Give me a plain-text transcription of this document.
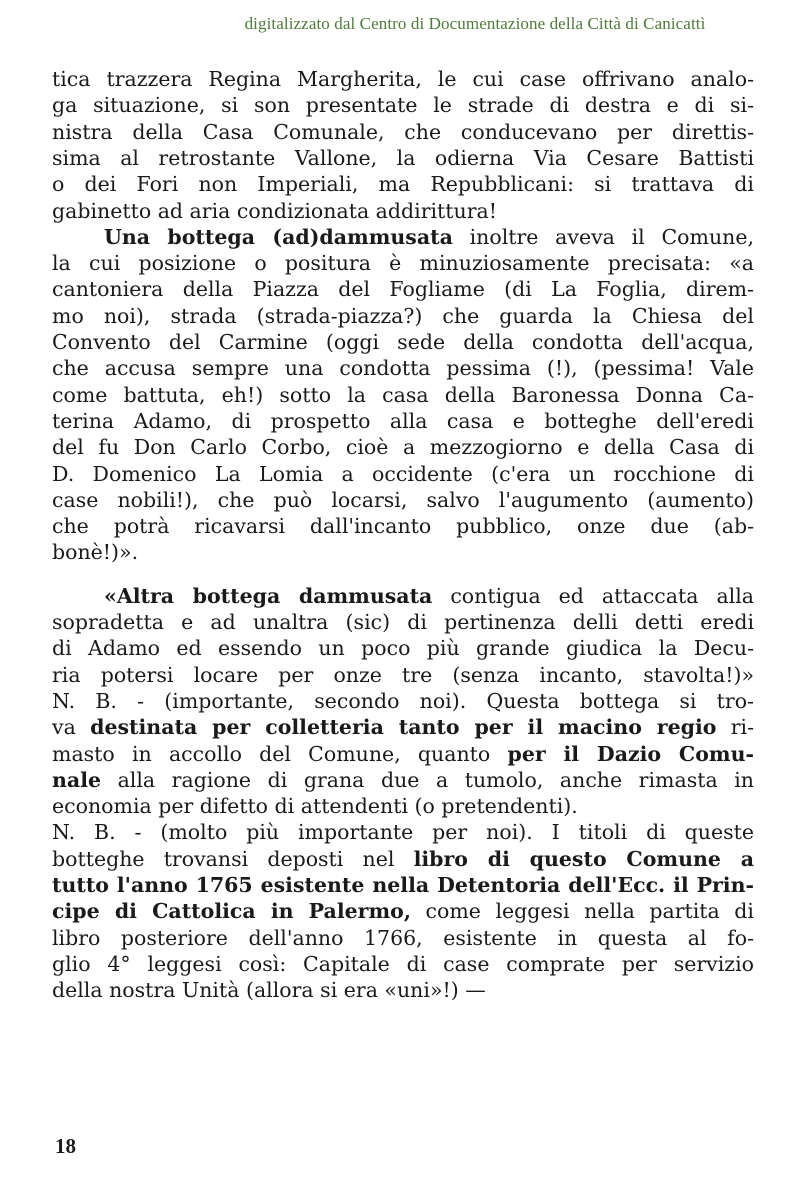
digitalizzato dal Centro di Documentazione della Città di Canicattì
tica trazzera Regina Margherita, le cui case offrivano analo-
ga situazione, si son presentate le strade di destra e di si-
nistra della Casa Comunale, che conducevano per direttis-
sima al retrostante Vallone, la odierna Via Cesare Battisti
o dei Fori non Imperiali, ma Repubblicani: si trattava di
gabinetto ad aria condizionata addirittura!
Una bottega (ad)dammusata inoltre aveva il Comune,
la cui posizione o positura è minuziosamente precisata: «a
cantoniera della Piazza del Fogliame (di La Foglia, direm-
mo noi), strada (strada-piazza?) che guarda la Chiesa del
Convento del Carmine (oggi sede della condotta dell'acqua,
che accusa sempre una condotta pessima (!), (pessima! Vale
come battuta, eh!) sotto la casa della Baronessa Donna Ca-
terina Adamo, di prospetto alla casa e botteghe dell'eredi
del fu Don Carlo Corbo, cioè a mezzogiorno e della Casa di
D. Domenico La Lomia a occidente (c'era un rocchione di
case nobili!), che può locarsi, salvo l'augumento (aumento)
che potrà ricavarsi dall'incanto pubblico, onze due (ab-
bonè!)».
«Altra bottega dammusata contigua ed attaccata alla
sopradetta e ad unaltra (sic) di pertinenza delli detti eredi
di Adamo ed essendo un poco più grande giudica la Decu-
ria potersi locare per onze tre (senza incanto, stavolta!)»
N. B. - (importante, secondo noi). Questa bottega si tro-
va destinata per colletteria tanto per il macino regio ri-
masto in accollo del Comune, quanto per il Dazio Comu-
nale alla ragione di grana due a tumolo, anche rimasta in
economia per difetto di attendenti (o pretendenti).
N. B. - (molto più importante per noi). I titoli di queste
botteghe trovansi deposti nel libro di questo Comune a
tutto l'anno 1765 esistente nella Detentoria dell'Ecc. il Prin-
cipe di Cattolica in Palermo, come leggesi nella partita di
libro posteriore dell'anno 1766, esistente in questa al fo-
glio 4° leggesi così: Capitale di case comprate per servizio
della nostra Unità (allora si era «uni»!) —
18
